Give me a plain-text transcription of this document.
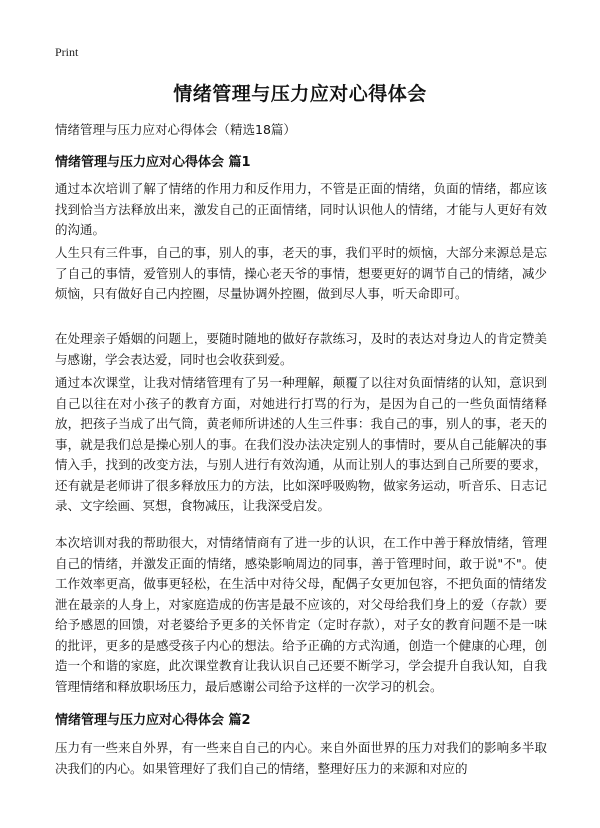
Print
情绪管理与压力应对心得体会

情绪管理与压力应对心得体会（精选18篇）

情绪管理与压力应对心得体会 篇1

通过本次培训了解了情绪的作用力和反作用力，不管是正面的情绪，负面的情绪，都应该找到恰当方法释放出来，激发自己的正面情绪，同时认识他人的情绪，才能与人更好有效的沟通。

人生只有三件事，自己的事，别人的事，老天的事，我们平时的烦恼，大部分来源总是忘了自己的事情，爱管别人的事情，操心老天爷的事情，想要更好的调节自己的情绪，减少烦恼，只有做好自己内控圈，尽量协调外控圈，做到尽人事，听天命即可。

在处理亲子婚姻的问题上，要随时随地的做好存款练习，及时的表达对身边人的肯定赞美与感谢，学会表达爱，同时也会收获到爱。

通过本次课堂，让我对情绪管理有了另一种理解，颠覆了以往对负面情绪的认知，意识到自己以往在对小孩子的教育方面，对她进行打骂的行为，是因为自己的一些负面情绪释放，把孩子当成了出气筒，黄老师所讲述的人生三件事：我自己的事，别人的事，老天的事，就是我们总是操心别人的事。在我们没办法决定别人的事情时，要从自己能解决的事情入手，找到的改变方法，与别人进行有效沟通，从而让别人的事达到自己所要的要求，还有就是老师讲了很多释放压力的方法，比如深呼吸购物，做家务运动，听音乐、日志记录、文字绘画、冥想，食物减压，让我深受启发。

本次培训对我的帮助很大，对情绪情商有了进一步的认识，在工作中善于释放情绪，管理自己的情绪，并激发正面的情绪，感染影响周边的同事，善于管理时间，敢于说"不"。使工作效率更高，做事更轻松，在生活中对待父母，配偶子女更加包容，不把负面的情绪发泄在最亲的人身上，对家庭造成的伤害是最不应该的，对父母给我们身上的爱（存款）要给予感恩的回馈，对老婆给予更多的关怀肯定（定时存款），对子女的教育问题不是一味的批评，更多的是感受孩子内心的想法。给予正确的方式沟通，创造一个健康的心理，创造一个和谐的家庭，此次课堂教育让我认识自己还要不断学习，学会提升自我认知，自我管理情绪和释放职场压力，最后感谢公司给予这样的一次学习的机会。

情绪管理与压力应对心得体会 篇2

压力有一些来自外界，有一些来自自己的内心。来自外面世界的压力对我们的影响多半取决我们的内心。如果管理好了我们自己的情绪，整理好压力的来源和对应的
